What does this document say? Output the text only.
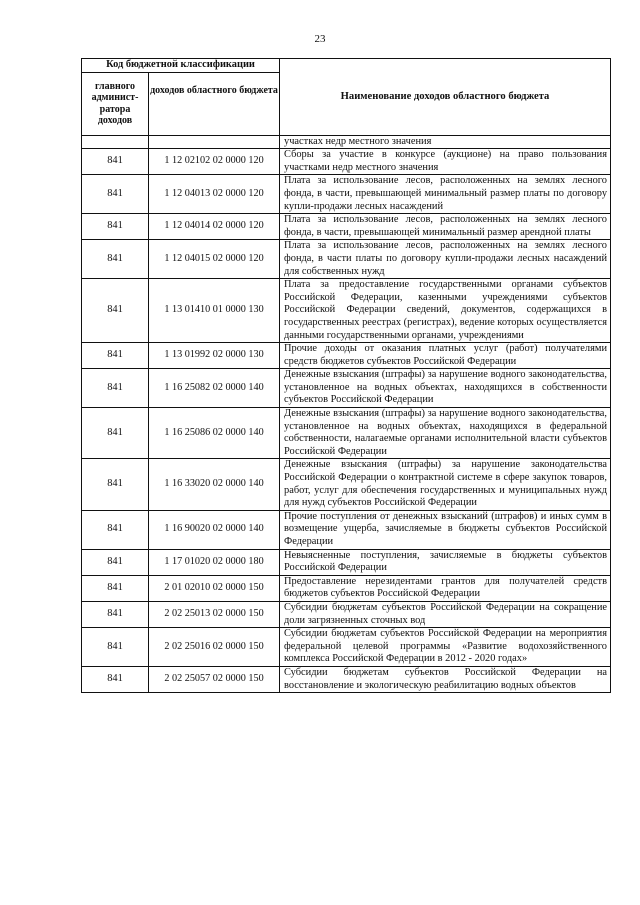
23
Код бюджетной классификации		Наименование доходов областного бюджета
главного админист-ратора доходов	доходов областного бюджета	
		участках недр местного значения
841	1 12 02102 02 0000 120	Сборы за участие в конкурсе (аукционе) на право пользования участками недр местного значения
841	1 12 04013 02 0000 120	Плата за использование лесов, расположенных на землях лесного фонда, в части, превышающей минимальный размер платы по договору купли-продажи лесных насаждений
841	1 12 04014 02 0000 120	Плата за использование лесов, расположенных на землях лесного фонда, в части, превышающей минимальный размер арендной платы
841	1 12 04015 02 0000 120	Плата за использование лесов, расположенных на землях лесного фонда, в части платы по договору купли-продажи лесных насаждений для собственных нужд
841	1 13 01410 01 0000 130	Плата за предоставление государственными органами субъектов Российской Федерации, казенными учреждениями субъектов Российской Федерации сведений, документов, содержащихся в государственных реестрах (регистрах), ведение которых осуществляется данными государственными органами, учреждениями
841	1 13 01992 02 0000 130	Прочие доходы от оказания платных услуг (работ) получателями средств бюджетов субъектов Российской Федерации
841	1 16 25082 02 0000 140	Денежные взыскания (штрафы) за нарушение водного законодательства, установленное на водных объектах, находящихся в собственности субъектов Российской Федерации
841	1 16 25086 02 0000 140	Денежные взыскания (штрафы) за нарушение водного законодательства, установленное на водных объектах, находящихся в федеральной собственности, налагаемые органами исполнительной власти субъектов Российской Федерации
841	1 16 33020 02 0000 140	Денежные взыскания (штрафы) за нарушение законодательства Российской Федерации о контрактной системе в сфере закупок товаров, работ, услуг для обеспечения государственных и муниципальных нужд для нужд субъектов Российской Федерации
841	1 16 90020 02 0000 140	Прочие поступления от денежных взысканий (штрафов) и иных сумм в возмещение ущерба, зачисляемые в бюджеты субъектов Российской Федерации
841	1 17 01020 02 0000 180	Невыясненные поступления, зачисляемые в бюджеты субъектов Российской Федерации
841	2 01 02010 02 0000 150	Предоставление нерезидентами грантов для получателей средств бюджетов субъектов Российской Федерации
841	2 02 25013 02 0000 150	Субсидии бюджетам субъектов Российской Федерации на сокращение доли загрязненных сточных вод
841	2 02 25016 02 0000 150	Субсидии бюджетам субъектов Российской Федерации на мероприятия федеральной целевой программы «Развитие водохозяйственного комплекса Российской Федерации в 2012 - 2020 годах»
841	2 02 25057 02 0000 150	Субсидии бюджетам субъектов Российской Федерации на восстановление и экологическую реабилитацию водных объектов
